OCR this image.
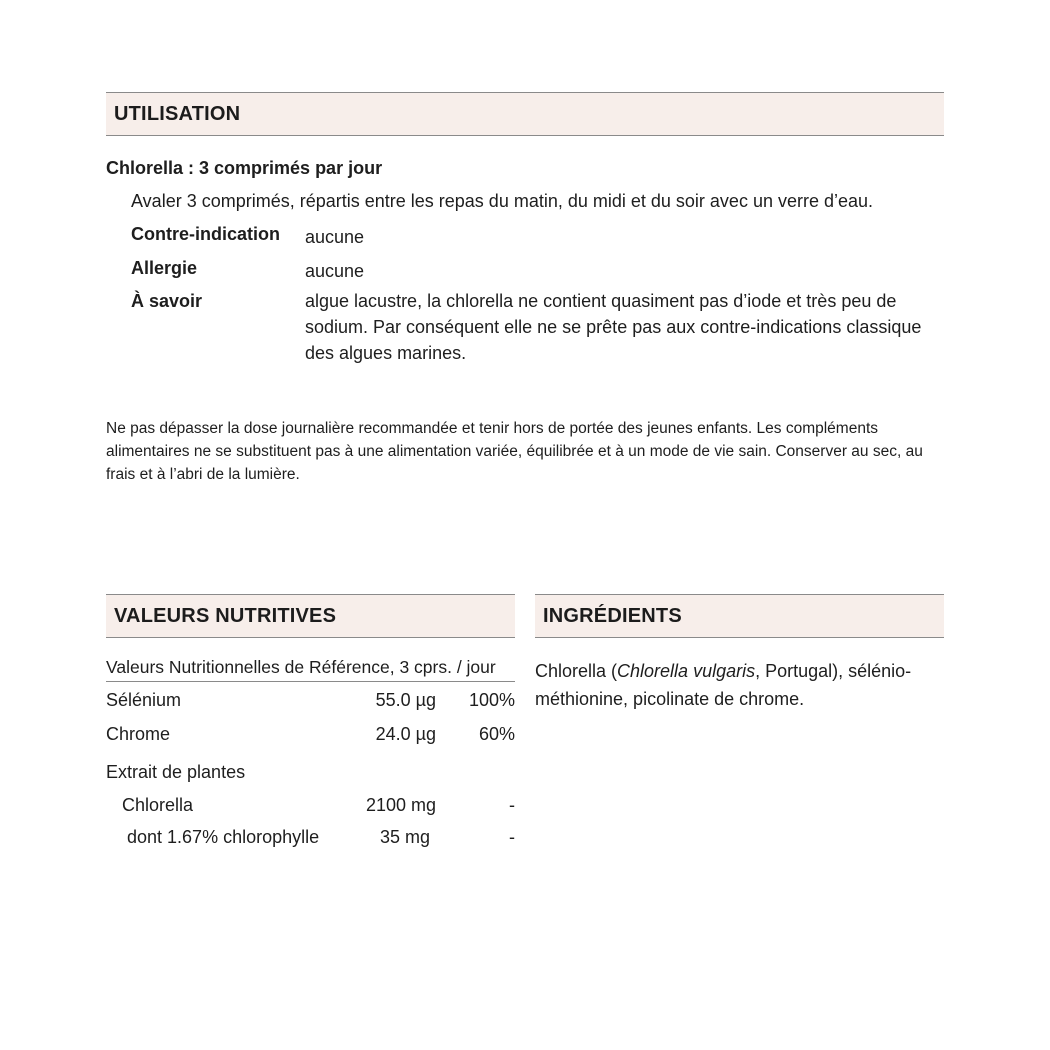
UTILISATION
Chlorella : 3 comprimés par jour
Avaler 3 comprimés, répartis entre les repas du matin, du midi et du soir avec un verre d’eau.
Contre-indication aucune
Allergie	aucune
À savoir	algue lacustre, la chlorella ne contient quasiment pas d’iode et très peu de sodium. Par conséquent elle ne se prête pas aux contre-indications classique des algues marines.
Ne pas dépasser la dose journalière recommandée et tenir hors de portée des jeunes enfants. Les compléments alimentaires ne se substituent pas à une alimentation variée, équilibrée et à un mode de vie sain. Conserver au sec, au frais et à l’abri de la lumière.
VALEURS NUTRITIVES
Valeurs Nutritionnelles de Référence, 3 cprs. / jour
Sélénium	55.0 µg	100%
Chrome	24.0 µg	60%
Extrait de plantes
Chlorella	2100 mg	-
dont 1.67% chlorophylle	35 mg	-
INGRÉDIENTS
Chlorella (Chlorella vulgaris, Portugal), sélénio-méthionine, picolinate de chrome.
